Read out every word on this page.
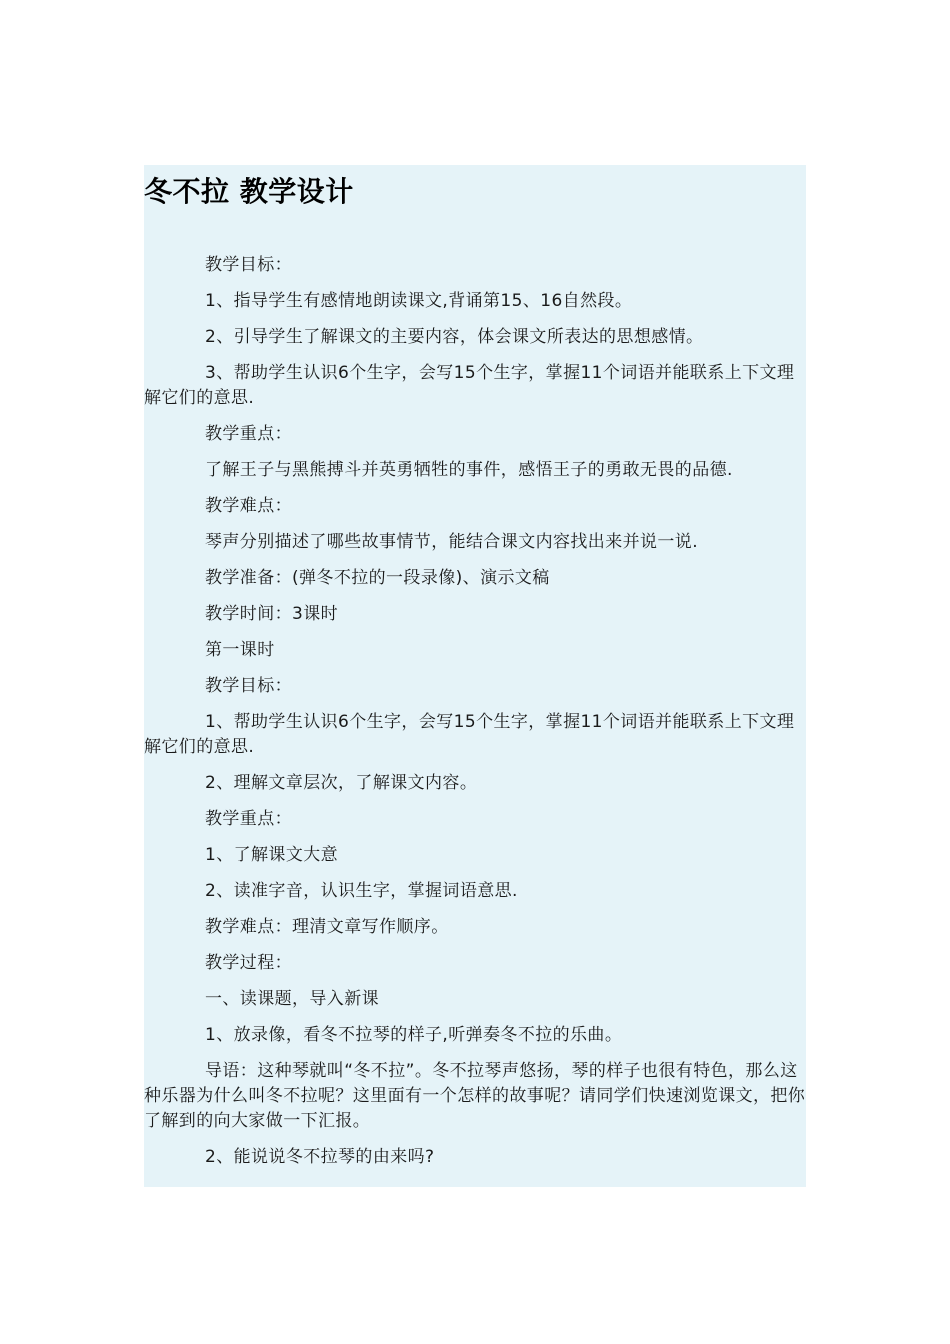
冬不拉 教学设计

教学目标：

1、指导学生有感情地朗读课文,背诵第15、16自然段。

2、引导学生了解课文的主要内容，体会课文所表达的思想感情。

3、帮助学生认识6个生字，会写15个生字，掌握11个词语并能联系上下文理解它们的意思.

教学重点：

了解王子与黑熊搏斗并英勇牺牲的事件，感悟王子的勇敢无畏的品德.

教学难点：

琴声分别描述了哪些故事情节，能结合课文内容找出来并说一说.

教学准备：(弹冬不拉的一段录像)、演示文稿

教学时间：3课时

第一课时

教学目标：

1、帮助学生认识6个生字，会写15个生字，掌握11个词语并能联系上下文理解它们的意思.

2、理解文章层次，了解课文内容。

教学重点：

1、了解课文大意

2、读准字音，认识生字，掌握词语意思.

教学难点：理清文章写作顺序。

教学过程：

一、读课题，导入新课

1、放录像，看冬不拉琴的样子,听弹奏冬不拉的乐曲。

导语：这种琴就叫“冬不拉”。冬不拉琴声悠扬，琴的样子也很有特色，那么这种乐器为什么叫冬不拉呢？这里面有一个怎样的故事呢？请同学们快速浏览课文，把你了解到的向大家做一下汇报。

2、能说说冬不拉琴的由来吗?
